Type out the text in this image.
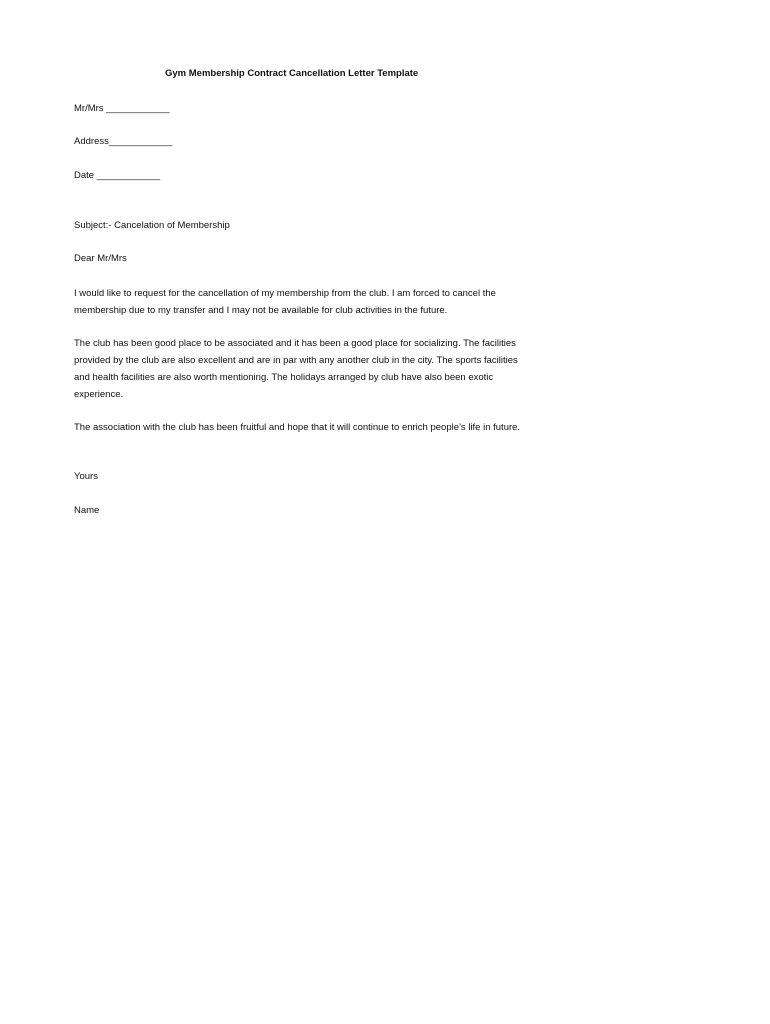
Gym Membership Contract Cancellation Letter Template
Mr/Mrs ____________
Address____________
Date ____________
Subject:- Cancelation of Membership
Dear Mr/Mrs
I would like to request for the cancellation of my membership from the club. I am forced to cancel the membership due to my transfer and I may not be available for club activities in the future.
The club has been good place to be associated and it has been a good place for socializing. The facilities provided by the club are also excellent and are in par with any another club in the city. The sports facilities and health facilities are also worth mentioning. The holidays arranged by club have also been exotic experience.
The association with the club has been fruitful and hope that it will continue to enrich people’s life in future.
Yours
Name
